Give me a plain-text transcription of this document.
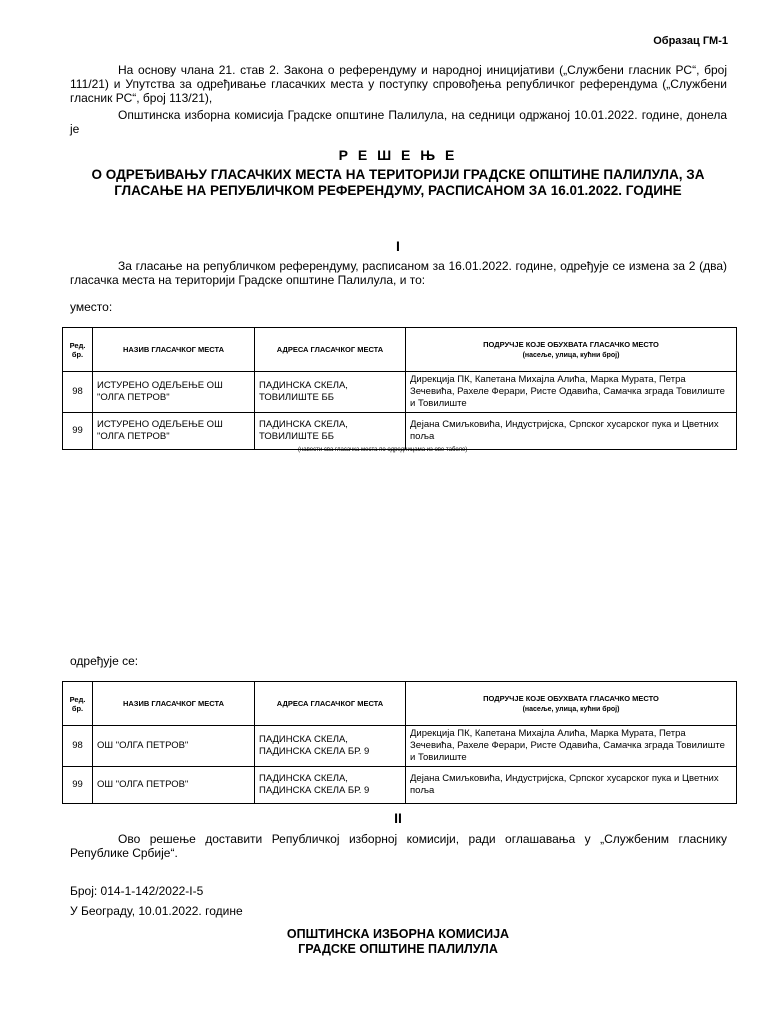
Образац ГМ-1
На основу члана 21. став 2. Закона о референдуму и народној иницијативи („Службени гласник РС“, број 111/21) и Упутства за одређивање гласачких места у поступку спровођења републичког референдума („Службени гласник РС“, број 113/21),
Општинска изборна комисија Градске општине Палилула, на седници одржаној 10.01.2022. године, донела је
Р Е Ш Е Њ Е
О ОДРЕЂИВАЊУ ГЛАСАЧКИХ МЕСТА НА ТЕРИТОРИЈИ ГРАДСКЕ ОПШТИНЕ ПАЛИЛУЛА, ЗА ГЛАСАЊЕ НА РЕПУБЛИЧКОМ РЕФЕРЕНДУМУ, РАСПИСАНОМ ЗА 16.01.2022. ГОДИНЕ
I
За гласање на републичком референдуму, расписаном за 16.01.2022. године, одређује се измена за 2 (два) гласачка места на територији Градске општине Палилула, и то:
уместо:
Ред. бр.	НАЗИВ ГЛАСАЧКОГ МЕСТА	АДРЕСА ГЛАСАЧКОГ МЕСТА	ПОДРУЧЈЕ КОЈЕ ОБУХВАТА ГЛАСАЧКО МЕСТО
(насеље, улица, кућни број)

98	ИСТУРЕНО ОДЕЉЕЊЕ ОШ "ОЛГА ПЕТРОВ"	ПАДИНСКА СКЕЛА, ТОВИЛИШТЕ ББ	Дирекција ПК, Капетана Михајла Алића, Марка Мурата, Петра Зечевића, Рахеле Ферари, Ристе Одавића, Самачка зграда Товилиште и Товилиште
99	ИСТУРЕНО ОДЕЉЕЊЕ ОШ "ОЛГА ПЕТРОВ"	ПАДИНСКА СКЕЛА, ТОВИЛИШТЕ ББ	Дејана Смиљковића, Индустријска, Српског хусарског пука и Цветних поља
(навести сва гласачка места по одредницама из ове табеле)
одређује се:
Ред. бр.	НАЗИВ ГЛАСАЧКОГ МЕСТА	АДРЕСА ГЛАСАЧКОГ МЕСТА	ПОДРУЧЈЕ КОЈЕ ОБУХВАТА ГЛАСАЧКО МЕСТО
(насеље, улица, кућни број)

98	ОШ "ОЛГА ПЕТРОВ"	ПАДИНСКА СКЕЛА, ПАДИНСКА СКЕЛА БР. 9	Дирекција ПК, Капетана Михајла Алића, Марка Мурата, Петра Зечевића, Рахеле Ферари, Ристе Одавића, Самачка зграда Товилиште и Товилиште
99	ОШ "ОЛГА ПЕТРОВ"	ПАДИНСКА СКЕЛА, ПАДИНСКА СКЕЛА БР. 9	Дејана Смиљковића, Индустријска, Српског хусарског пука и Цветних поља
II
Ово решење доставити Републичкој изборној комисији, ради оглашавања у „Службеним гласнику Републике Србије“.
Број: 014-1-142/2022-I-5
У Београду, 10.01.2022. године
ОПШТИНСКА ИЗБОРНА КОМИСИЈА
ГРАДСКЕ ОПШТИНЕ ПАЛИЛУЛА
